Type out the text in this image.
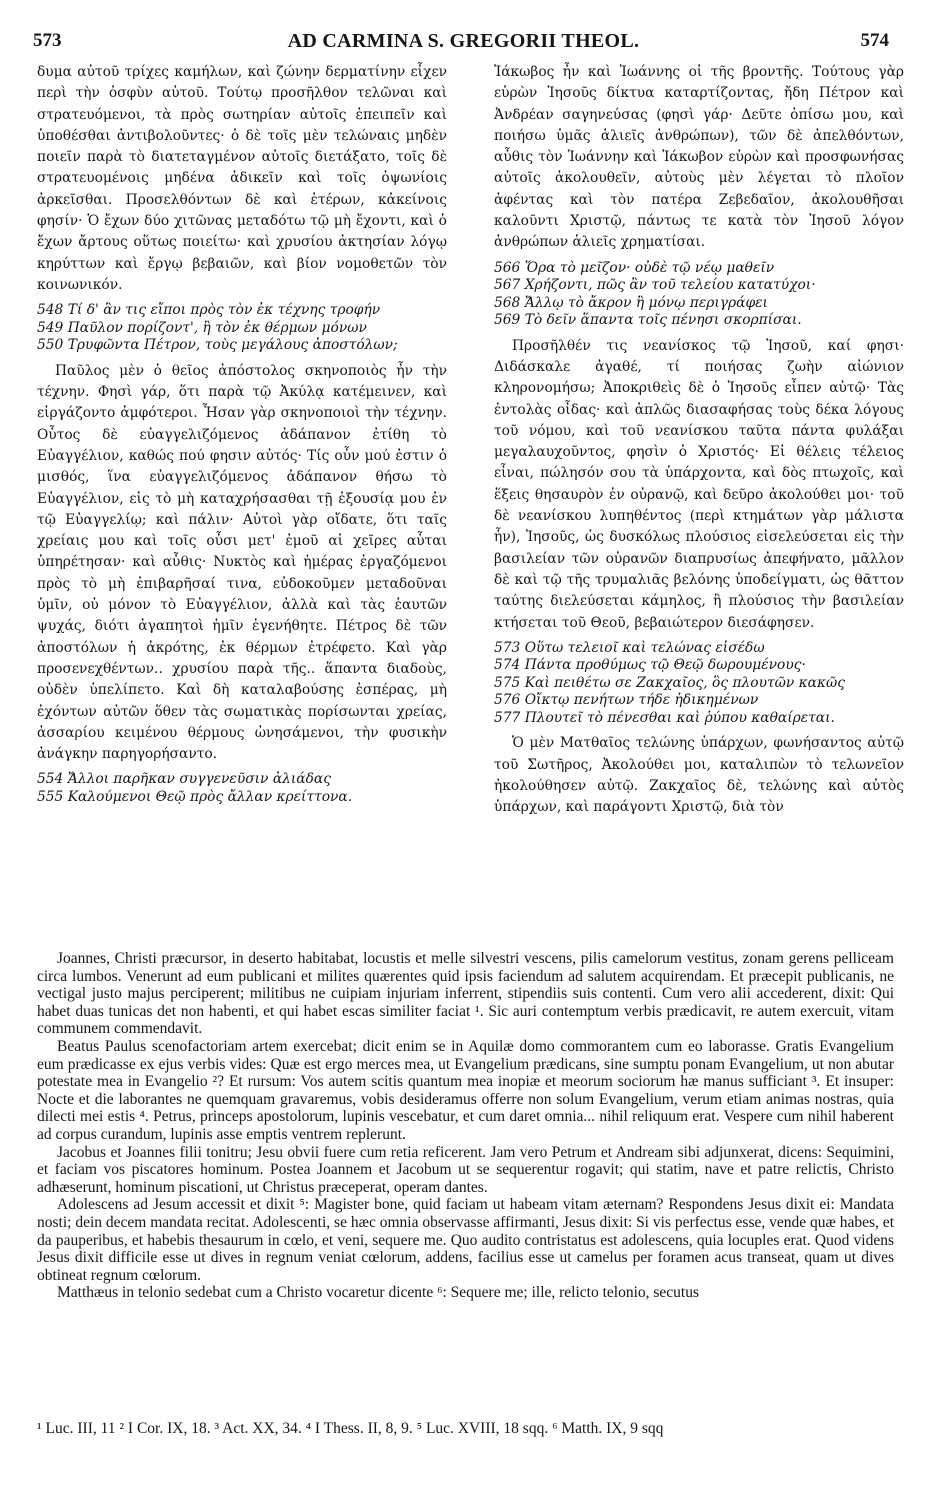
573	AD CARMINA S. GREGORII THEOL.	574

δυμα αὐτοῦ τρίχες καμήλων, καὶ ζώνην δερματίνην εἶχεν περὶ τὴν ὀσφὺν αὐτοῦ. Τούτῳ προσῆλθον τελῶναι καὶ στρατευόμενοι, τὰ πρὸς σωτηρίαν αὐτοῖς ἐπειπεῖν καὶ ὑποθέσθαι ἀντιβολοῦντες· ὁ δὲ τοῖς μὲν τελώναις μηδὲν ποιεῖν παρὰ τὸ διατεταγμένον αὐτοῖς διετάξατο, τοῖς δὲ στρατευομένοις μηδένα ἀδικεῖν καὶ τοῖς ὀψωνίοις ἀρκεῖσθαι. Προσελθόντων δὲ καὶ ἑτέρων, κἀκείνοις φησίν· Ὁ ἔχων δύο χιτῶνας μεταδότω τῷ μὴ ἔχοντι, καὶ ὁ ἔχων ἄρτους οὕτως ποιείτω· καὶ χρυσίου ἀκτησίαν λόγῳ κηρύττων καὶ ἔργῳ βεβαιῶν, καὶ βίον νομοθετῶν τὸν κοινωνικόν.

548 Τί δ' ἂν τις εἴποι πρὸς τὸν ἐκ τέχνης τροφήν
549 Παῦλον πορίζοντ', ἢ τὸν ἐκ θέρμων μόνων
550 Τρυφῶντα Πέτρον, τοὺς μεγάλους ἀποστόλων;

Παῦλος μὲν ὁ θεῖος ἀπόστολος σκηνοποιὸς ἦν τὴν τέχνην. Φησὶ γάρ, ὅτι παρὰ τῷ Ἀκύλᾳ κατέμεινεν, καὶ εἰργάζοντο ἀμφότεροι. Ἦσαν γὰρ σκηνοποιοὶ τὴν τέχνην. Οὗτος δὲ εὐαγγελιζόμενος ἀδάπανον ἐτίθη τὸ Εὐαγγέλιον, καθώς πού φησιν αὐτός· Τίς οὖν μού ἐστιν ὁ μισθός, ἵνα εὐαγγελιζόμενος ἀδάπανον θήσω τὸ Εὐαγγέλιον, εἰς τὸ μὴ καταχρήσασθαι τῇ ἐξουσίᾳ μου ἐν τῷ Εὐαγγελίῳ; καὶ πάλιν· Αὐτοὶ γὰρ οἴδατε, ὅτι ταῖς χρείαις μου καὶ τοῖς οὖσι μετ' ἐμοῦ αἱ χεῖρες αὗται ὑπηρέτησαν· καὶ αὖθις· Νυκτὸς καὶ ἡμέρας ἐργαζόμενοι πρὸς τὸ μὴ ἐπιβαρῆσαί τινα, εὐδοκοῦμεν μεταδοῦναι ὑμῖν, οὐ μόνον τὸ Εὐαγγέλιον, ἀλλὰ καὶ τὰς ἑαυτῶν ψυχάς, διότι ἀγαπητοὶ ἡμῖν ἐγενήθητε. Πέτρος δὲ τῶν ἀποστόλων ἡ ἀκρότης, ἐκ θέρμων ἐτρέφετο. Καὶ γὰρ προσενεχθέντων.. χρυσίου παρὰ τῆς.. ἅπαντα διαδοὺς, οὐδὲν ὑπελίπετο. Καὶ δὴ καταλαβούσης ἑσπέρας, μὴ ἐχόντων αὐτῶν ὅθεν τὰς σωματικὰς πορίσωνται χρείας, ἀσσαρίου κειμένου θέρμους ὠνησάμενοι, τὴν φυσικὴν ἀνάγκην παρηγορήσαντο.

554 Ἄλλοι παρῆκαν συγγενεῦσιν ἀλιάδας
555 Καλούμενοι Θεῷ πρὸς ἄλλαν κρείττονα.

Ἰάκωβος ἦν καὶ Ἰωάννης οἱ τῆς βροντῆς. Τούτους γὰρ εὑρὼν Ἰησοῦς δίκτυα καταρτίζοντας, ἤδη Πέτρον καὶ Ἀνδρέαν σαγηνεύσας (φησὶ γάρ· Δεῦτε ὀπίσω μου, καὶ ποιήσω ὑμᾶς ἁλιεῖς ἀνθρώπων), τῶν δὲ ἀπελθόντων, αὖθις τὸν Ἰωάννην καὶ Ἰάκωβον εὑρὼν καὶ προσφωνήσας αὐτοῖς ἀκολουθεῖν, αὐτοὺς μὲν λέγεται τὸ πλοῖον ἀφέντας καὶ τὸν πατέρα Ζεβεδαῖον, ἀκολουθῆσαι καλοῦντι Χριστῷ, πάντως τε κατὰ τὸν Ἰησοῦ λόγον ἀνθρώπων ἁλιεῖς χρηματίσαι.

566 Ὅρα τὸ μεῖζον· οὐδὲ τῷ νέῳ μαθεῖν
567 Χρήζοντι, πῶς ἂν τοῦ τελείου κατατύχοι·
568 Ἄλλῳ τὸ ἄκρον ἢ μόνῳ περιγράφει
569 Τὸ δεῖν ἅπαντα τοῖς πένησι σκορπίσαι.

Προσῆλθέν τις νεανίσκος τῷ Ἰησοῦ, καί φησι· Διδάσκαλε ἀγαθέ, τί ποιήσας ζωὴν αἰώνιον κληρονομήσω; Ἀποκριθεὶς δὲ ὁ Ἰησοῦς εἶπεν αὐτῷ· Τὰς ἐντολὰς οἶδας· καὶ ἁπλῶς διασαφήσας τοὺς δέκα λόγους τοῦ νόμου, καὶ τοῦ νεανίσκου ταῦτα πάντα φυλάξαι μεγαλαυχοῦντος, φησὶν ὁ Χριστός· Εἰ θέλεις τέλειος εἶναι, πώλησόν σου τὰ ὑπάρχοντα, καὶ δὸς πτωχοῖς, καὶ ἕξεις θησαυρὸν ἐν οὐρανῷ, καὶ δεῦρο ἀκολούθει μοι· τοῦ δὲ νεανίσκου λυπηθέντος (περὶ κτημάτων γὰρ μάλιστα ἦν), Ἰησοῦς, ὡς δυσκόλως πλούσιος εἰσελεύσεται εἰς τὴν βασιλείαν τῶν οὐρανῶν διαπρυσίως ἀπεφήνατο, μᾶλλον δὲ καὶ τῷ τῆς τρυμαλιᾶς βελόνης ὑποδείγματι, ὡς θᾶττον ταύτης διελεύσεται κάμηλος, ἢ πλούσιος τὴν βασιλείαν κτήσεται τοῦ Θεοῦ, βεβαιώτερον διεσάφησεν.

573 Οὕτω τελειοῖ καὶ τελώνας εἰσέδω
574 Πάντα προθύμως τῷ Θεῷ δωρουμένους·
575 Καὶ πειθέτω σε Ζακχαῖος, ὃς πλουτῶν κακῶς
576 Οἴκτῳ πενήτων τήδε ἠδικημένων
577 Πλουτεῖ τὸ πένεσθαι καὶ ῥύπου καθαίρεται.

Ὁ μὲν Ματθαῖος τελώνης ὑπάρχων, φωνήσαντος αὐτῷ τοῦ Σωτῆρος, Ἀκολούθει μοι, καταλιπὼν τὸ τελωνεῖον ἠκολούθησεν αὐτῷ. Ζακχαῖος δὲ, τελώνης καὶ αὐτὸς ὑπάρχων, καὶ παράγοντι Χριστῷ, διὰ τὸν

Joannes, Christi præcursor, in deserto habitabat, locustis et melle silvestri vescens, pilis camelorum vestitus, zonam gerens pelliceam circa lumbos. Venerunt ad eum publicani et milites quærentes quid ipsis faciendum ad salutem acquirendam. Et præcepit publicanis, ne vectigal justo majus perciperent; militibus ne cuipiam injuriam inferrent, stipendiis suis contenti. Cum vero alii accederent, dixit: Qui habet duas tunicas det non habenti, et qui habet escas similiter faciat ¹. Sic auri contemptum verbis prædicavit, re autem exercuit, vitam communem commendavit.

Beatus Paulus scenofactoriam artem exercebat; dicit enim se in Aquilæ domo commorantem cum eo laborasse. Gratis Evangelium eum prædicasse ex ejus verbis vides: Quæ est ergo merces mea, ut Evangelium prædicans, sine sumptu ponam Evangelium, ut non abutar potestate mea in Evangelio ²? Et rursum: Vos autem scitis quantum mea inopiæ et meorum sociorum hæ manus sufficiant ³. Et insuper: Nocte et die laborantes ne quemquam gravaremus, vobis desideramus offerre non solum Evangelium, verum etiam animas nostras, quia dilecti mei estis ⁴. Petrus, princeps apostolorum, lupinis vescebatur, et cum daret omnia... nihil reliquum erat. Vespere cum nihil haberent ad corpus curandum, lupinis asse emptis ventrem replerunt.

Jacobus et Joannes filii tonitru; Jesu obvii fuere cum retia reficerent. Jam vero Petrum et Andream sibi adjunxerat, dicens: Sequimini, et faciam vos piscatores hominum. Postea Joannem et Jacobum ut se sequerentur rogavit; qui statim, nave et patre relictis, Christo adhæserunt, hominum piscationi, ut Christus præceperat, operam dantes.

Adolescens ad Jesum accessit et dixit ⁵: Magister bone, quid faciam ut habeam vitam æternam? Respondens Jesus dixit ei: Mandata nosti; dein decem mandata recitat. Adolescenti, se hæc omnia observasse affirmanti, Jesus dixit: Si vis perfectus esse, vende quæ habes, et da pauperibus, et habebis thesaurum in cœlo, et veni, sequere me. Quo audito contristatus est adolescens, quia locuples erat. Quod videns Jesus dixit difficile esse ut dives in regnum veniat cœlorum, addens, facilius esse ut camelus per foramen acus transeat, quam ut dives obtineat regnum cœlorum.

Matthæus in telonio sedebat cum a Christo vocaretur dicente ⁶: Sequere me; ille, relicto telonio, secutus

¹ Luc. III, 11 ² I Cor. IX, 18. ³ Act. XX, 34. ⁴ I Thess. II, 8, 9. ⁵ Luc. XVIII, 18 sqq. ⁶ Matth. IX, 9 sqq
